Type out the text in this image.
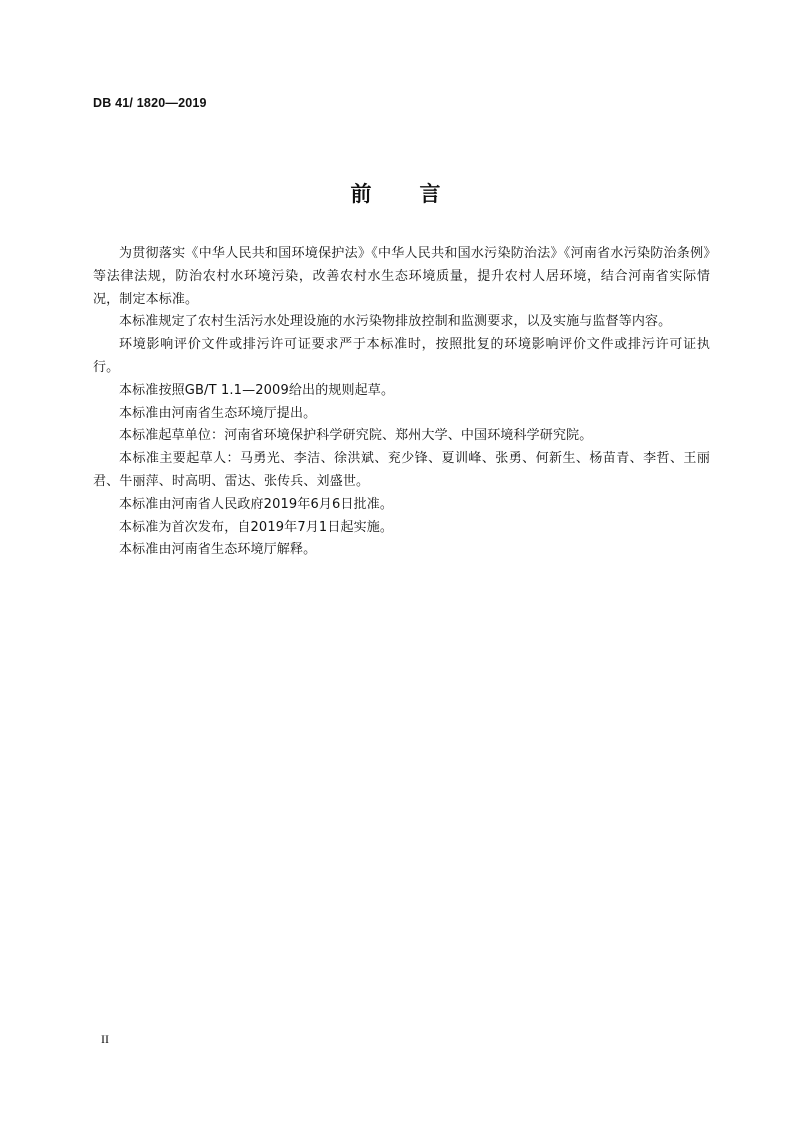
DB 41/ 1820—2019
前　　言

为贯彻落实《中华人民共和国环境保护法》《中华人民共和国水污染防治法》《河南省水污染防治条例》等法律法规，防治农村水环境污染，改善农村水生态环境质量，提升农村人居环境，结合河南省实际情况，制定本标准。

本标准规定了农村生活污水处理设施的水污染物排放控制和监测要求，以及实施与监督等内容。

环境影响评价文件或排污许可证要求严于本标准时，按照批复的环境影响评价文件或排污许可证执行。

本标准按照GB/T 1.1—2009给出的规则起草。

本标准由河南省生态环境厅提出。

本标准起草单位：河南省环境保护科学研究院、郑州大学、中国环境科学研究院。

本标准主要起草人：马勇光、李洁、徐洪斌、兖少锋、夏训峰、张勇、何新生、杨苗青、李哲、王丽君、牛丽萍、时高明、雷达、张传兵、刘盛世。

本标准由河南省人民政府2019年6月6日批准。

本标准为首次发布，自2019年7月1日起实施。

本标准由河南省生态环境厅解释。

II
